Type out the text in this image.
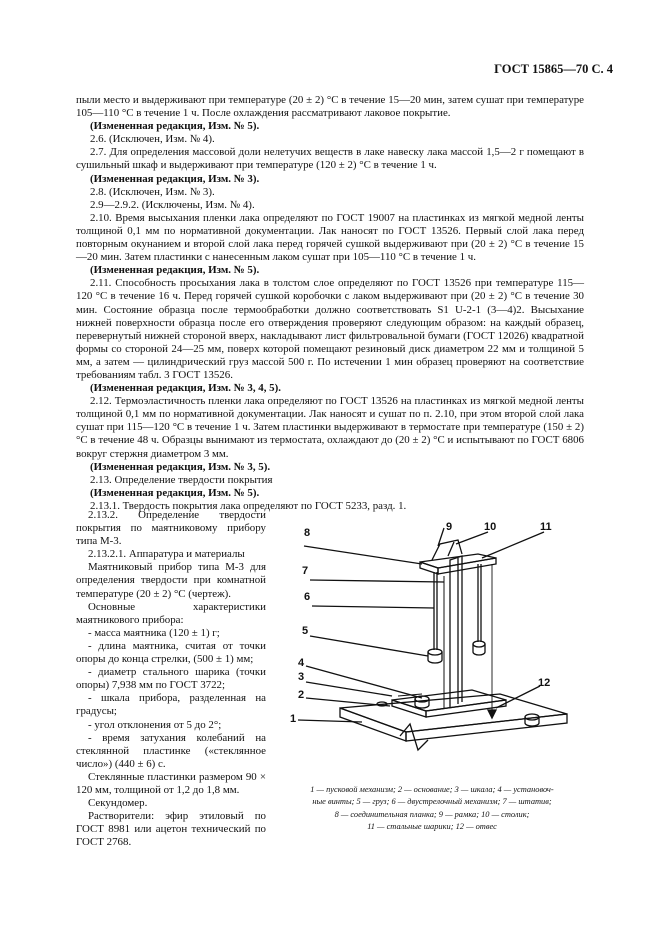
ГОСТ 15865—70 С. 4

пыли место и выдерживают при температуре (20 ± 2) °С в течение 15—20 мин, затем сушат при температуре 105—110 °С в течение 1 ч. После охлаждения рассматривают лаковое покрытие.

(Измененная редакция, Изм. № 5).

2.6. (Исключен, Изм. № 4).

2.7. Для определения массовой доли нелетучих веществ в лаке навеску лака массой 1,5—2 г помещают в сушильный шкаф и выдерживают при температуре (120 ± 2) °С в течение 1 ч.

(Измененная редакция, Изм. № 3).

2.8. (Исключен, Изм. № 3).

2.9—2.9.2. (Исключены, Изм. № 4).

2.10. Время высыхания пленки лака определяют по ГОСТ 19007 на пластинках из мягкой медной ленты толщиной 0,1 мм по нормативной документации. Лак наносят по ГОСТ 13526. Первый слой лака перед повторным окунанием и второй слой лака перед горячей сушкой выдерживают при (20 ± 2) °С в течение 15—20 мин. Затем пластинки с нанесенным лаком сушат при 105—110 °С в течение 1 ч.

(Измененная редакция, Изм. № 5).

2.11. Способность просыхания лака в толстом слое определяют по ГОСТ 13526 при температуре 115—120 °С в течение 16 ч. Перед горячей сушкой коробочки с лаком выдерживают при (20 ± 2) °С в течение 30 мин. Состояние образца после термообработки должно соответствовать S1 U-2-1 (3—4)2. Высыхание нижней поверхности образца после его отверждения проверяют следующим образом: на каждый образец, перевернутый нижней стороной вверх, накладывают лист фильтровальной бумаги (ГОСТ 12026) квадратной формы со стороной 24—25 мм, поверх которой помещают резиновый диск диаметром 22 мм и толщиной 5 мм, а затем — цилиндрический груз массой 500 г. По истечении 1 мин образец проверяют на соответствие требованиям табл. 3 ГОСТ 13526.

(Измененная редакция, Изм. № 3, 4, 5).

2.12. Термоэластичность пленки лака определяют по ГОСТ 13526 на пластинках из мягкой медной ленты толщиной 0,1 мм по нормативной документации. Лак наносят и сушат по п. 2.10, при этом второй слой лака сушат при 115—120 °С в течение 1 ч. Затем пластинки выдерживают в термостате при температуре (150 ± 2) °С в течение 48 ч. Образцы вынимают из термостата, охлаждают до (20 ± 2) °С и испытывают по ГОСТ 6806 вокруг стержня диаметром 3 мм.

(Измененная редакция, Изм. № 3, 5).

2.13. Определение твердости покрытия

(Измененная редакция, Изм. № 5).

2.13.1. Твердость покрытия лака определяют по ГОСТ 5233, разд. 1.

2.13.2. Определение твердости покрытия по маятниковому прибору типа М-3.

2.13.2.1. Аппаратура и материалы

Маятниковый прибор типа М-3 для определения твердости при комнатной температуре (20 ± 2) °С (чертеж).

Основные характеристики маятникового прибора:

- масса маятника (120 ± 1) г;

- длина маятника, считая от точки опоры до конца стрелки, (500 ± 1) мм;

- диаметр стального шарика (точки опоры) 7,938 мм по ГОСТ 3722;

- шкала прибора, разделенная на градусы;

- угол отклонения от 5 до 2°;

- время затухания колебаний на стеклянной пластинке («стеклянное число») (440 ± 6) с.

Стеклянные пластинки размером 90 × 120 мм, толщиной от 1,2 до 1,8 мм.

Секундомер.

Растворители: эфир этиловый по ГОСТ 8981 или ацетон технический по ГОСТ 2768.

1
2
3
4
5
6
7
8	9	10	11
12
1 — пусковой механизм; 2 — основание; 3 — шкала; 4 — установоч-
ные винты; 5 — груз; 6 — двустрелочный механизм; 7 — штатив;
8 — соединительная планка; 9 — рамка; 10 — столик;
11 — стальные шарики; 12 — отвес
